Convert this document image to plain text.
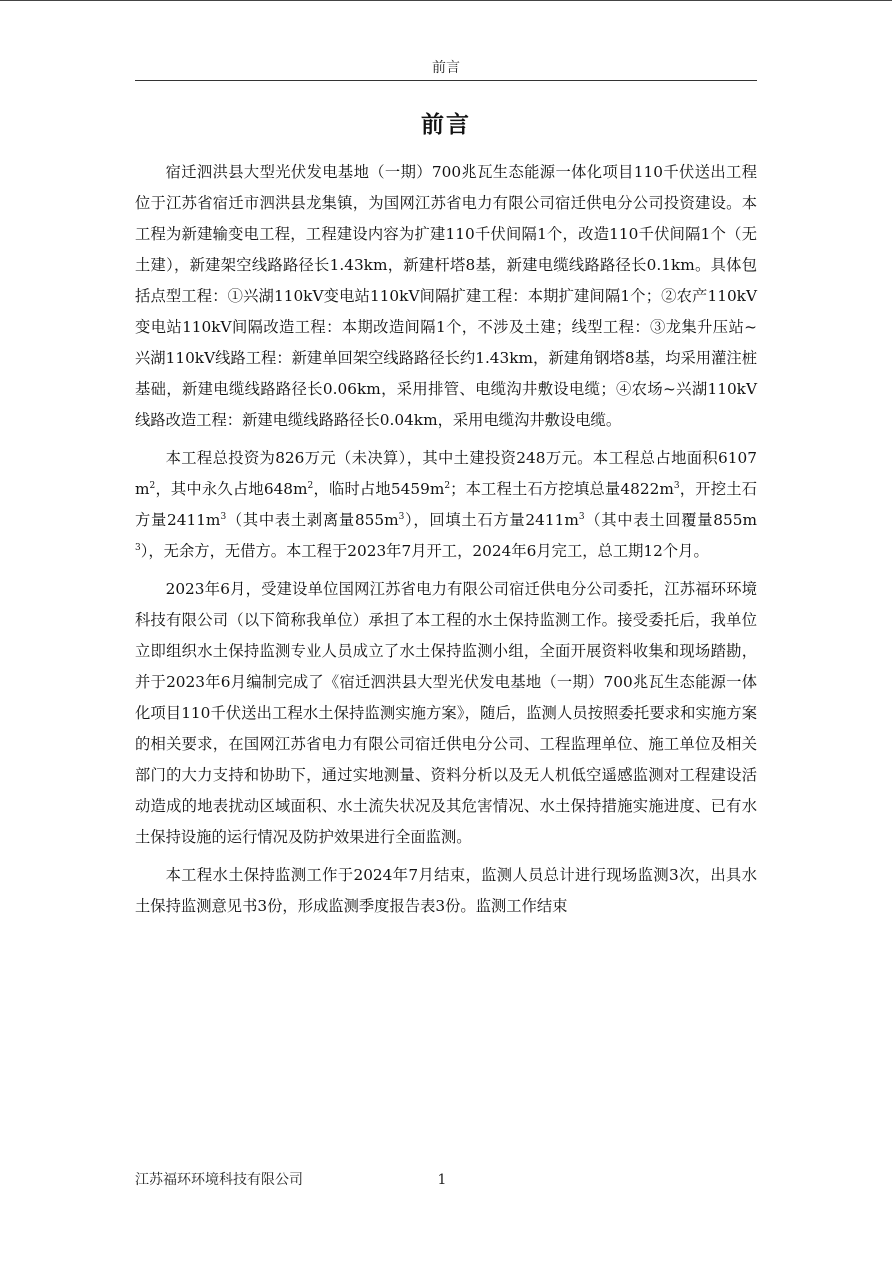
前言
前言

宿迁泗洪县大型光伏发电基地（一期）700兆瓦生态能源一体化项目110千伏送出工程位于江苏省宿迁市泗洪县龙集镇，为国网江苏省电力有限公司宿迁供电分公司投资建设。本工程为新建输变电工程，工程建设内容为扩建110千伏间隔1个，改造110千伏间隔1个（无土建），新建架空线路路径长1.43km，新建杆塔8基，新建电缆线路路径长0.1km。具体包括点型工程：①兴湖110kV变电站110kV间隔扩建工程：本期扩建间隔1个；②农产110kV变电站110kV间隔改造工程：本期改造间隔1个，不涉及土建；线型工程：③龙集升压站~兴湖110kV线路工程：新建单回架空线路路径长约1.43km，新建角钢塔8基，均采用灌注桩基础，新建电缆线路路径长0.06km，采用排管、电缆沟井敷设电缆；④农场~兴湖110kV线路改造工程：新建电缆线路路径长0.04km，采用电缆沟井敷设电缆。

本工程总投资为826万元（未决算），其中土建投资248万元。本工程总占地面积$6107m^2$，其中永久占地$648m^2$，临时占地$5459m^2$；本工程土石方挖填总量$4822m^3$，开挖土石方量$2411m^3$（其中表土剥离量$855m^3$），回填土石方量$2411m^3$（其中表土回覆量$855m^3$），无余方，无借方。本工程于2023年7月开工，2024年6月完工，总工期12个月。

2023年6月，受建设单位国网江苏省电力有限公司宿迁供电分公司委托，江苏福环环境科技有限公司（以下简称我单位）承担了本工程的水土保持监测工作。接受委托后，我单位立即组织水土保持监测专业人员成立了水土保持监测小组，全面开展资料收集和现场踏勘，并于2023年6月编制完成了《宿迁泗洪县大型光伏发电基地（一期）700兆瓦生态能源一体化项目110千伏送出工程水土保持监测实施方案》，随后，监测人员按照委托要求和实施方案的相关要求，在国网江苏省电力有限公司宿迁供电分公司、工程监理单位、施工单位及相关部门的大力支持和协助下，通过实地测量、资料分析以及无人机低空遥感监测对工程建设活动造成的地表扰动区域面积、水土流失状况及其危害情况、水土保持措施实施进度、已有水土保持设施的运行情况及防护效果进行全面监测。

本工程水土保持监测工作于2024年7月结束，监测人员总计进行现场监测3次，出具水土保持监测意见书3份，形成监测季度报告表3份。监测工作结束

江苏福环环境科技有限公司	1
